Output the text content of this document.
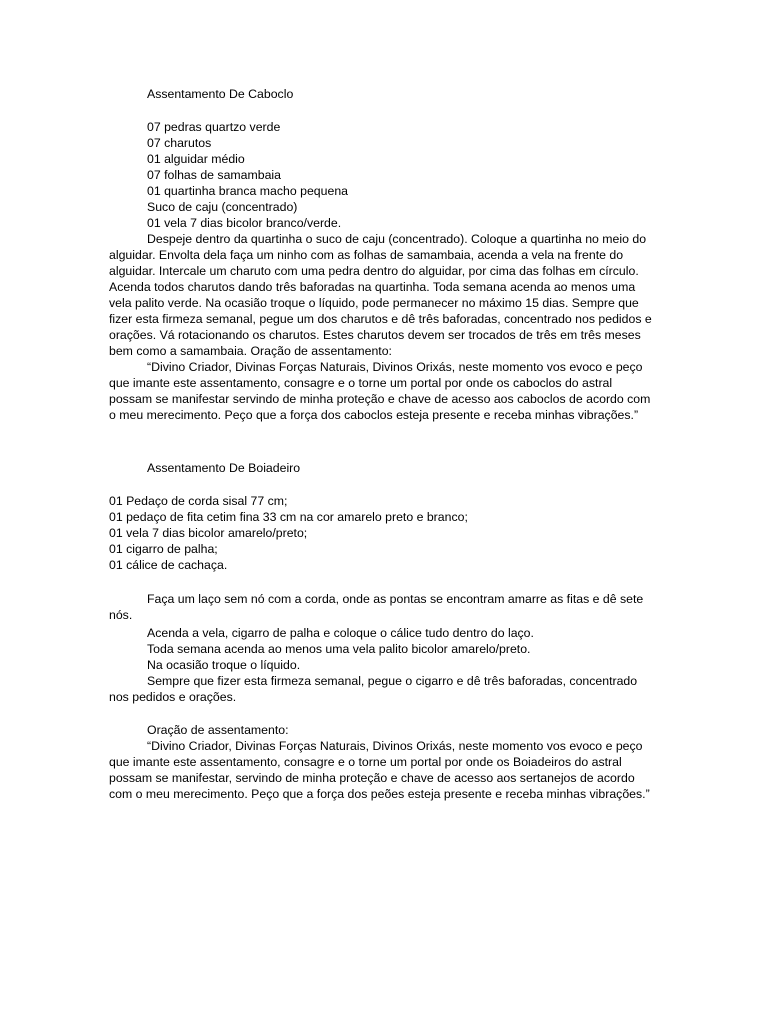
Assentamento De Caboclo
07 pedras quartzo verde
07 charutos
01 alguidar médio
07 folhas de samambaia
01 quartinha branca macho pequena
Suco de caju (concentrado)
01 vela 7 dias bicolor branco/verde.
Despeje dentro da quartinha o suco de caju (concentrado). Coloque a quartinha no meio do alguidar. Envolta dela faça um ninho com as folhas de samambaia, acenda a vela na frente do alguidar. Intercale um charuto com uma pedra dentro do alguidar, por cima das folhas em círculo. Acenda todos charutos dando três baforadas na quartinha. Toda semana acenda ao menos uma vela palito verde. Na ocasião troque o líquido, pode permanecer no máximo 15 dias. Sempre que fizer esta firmeza semanal, pegue um dos charutos e dê três baforadas, concentrado nos pedidos e orações. Vá rotacionando os charutos. Estes charutos devem ser trocados de três em três meses bem como a samambaia. Oração de assentamento:
“Divino Criador, Divinas Forças Naturais, Divinos Orixás, neste momento vos evoco e peço que imante este assentamento, consagre e o torne um portal por onde os caboclos do astral possam se manifestar servindo de minha proteção e chave de acesso aos caboclos de acordo com o meu merecimento. Peço que a força dos caboclos esteja presente e receba minhas vibrações.”
Assentamento De Boiadeiro
01 Pedaço de corda sisal 77 cm;
01 pedaço de fita cetim fina 33 cm na cor amarelo preto e branco;
01 vela 7 dias bicolor amarelo/preto;
01 cigarro de palha;
01 cálice de cachaça.
Faça um laço sem nó com a corda, onde as pontas se encontram amarre as fitas e dê sete nós.
Acenda a vela, cigarro de palha e coloque o cálice tudo dentro do laço.
Toda semana acenda ao menos uma vela palito bicolor amarelo/preto.
Na ocasião troque o líquido.
Sempre que fizer esta firmeza semanal, pegue o cigarro e dê três baforadas, concentrado nos pedidos e orações.
Oração de assentamento:
“Divino Criador, Divinas Forças Naturais, Divinos Orixás, neste momento vos evoco e peço que imante este assentamento, consagre e o torne um portal por onde os Boiadeiros do astral possam se manifestar, servindo de minha proteção e chave de acesso aos sertanejos de acordo com o meu merecimento. Peço que a força dos peões esteja presente e receba minhas vibrações.”
